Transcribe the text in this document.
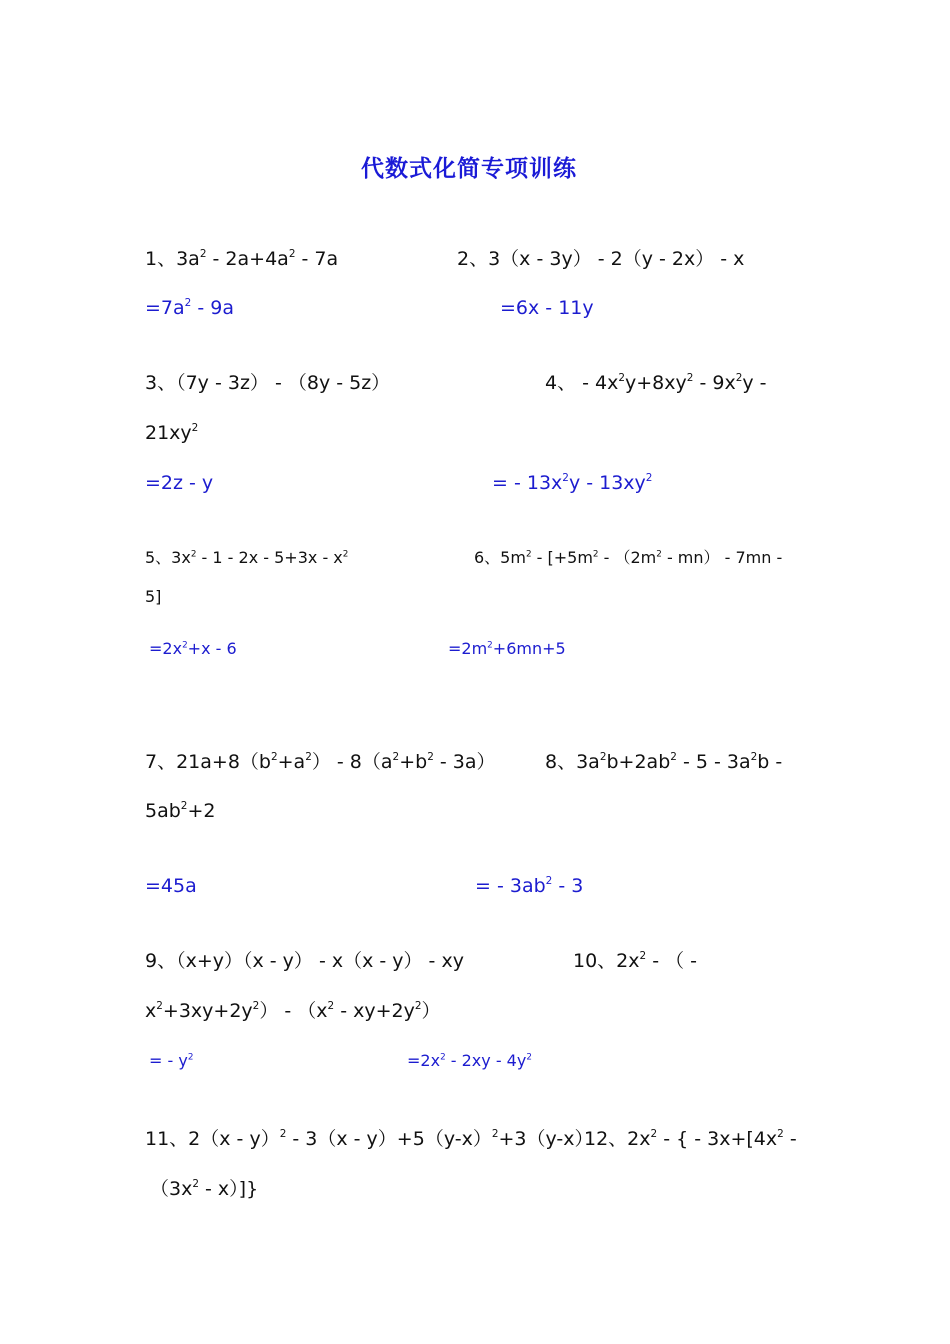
代数式化简专项训练
1、$3a^2 - 2a+4a^2 - 7a$	2、3（x - 3y） - 2（y - 2x） - x
$=7a^2 - 9a$	=6x - 11y
3、（7y - 3z） - （8y - 5z）	4、 - $4x^2y+8xy^2 - 9x^2y$ -
$21xy^2$
=2z - y	= - $13x^2y - 13xy^2$
5、$3x^2 - 1 - 2x - 5+3x - x^2$	6、$5m^2 - [+5m^2 - (2m^2 - mn) - 7mn$ -
5]
$=2x^2+x - 6$	$=2m^2+6mn+5$
7、$21a+8(b^2+a^2) - 8(a^2+b^2 - 3a)$	8、$3a^2b+2ab^2 - 5 - 3a^2b$ -
$5ab^2+2$
=45a	= - $3ab^2 - 3$
9、（x+y）（x - y） - x（x - y） - xy	10、$2x^2$ - （ -
$x^2+3xy+2y^2) - (x^2 - xy+2y^2)$
= - $y^2$	$=2x^2 - 2xy - 4y^2$
11、$2(x - y)^2 - 3(x - y)+5(y-x)^2+3(y-x)$
12、$2x^2$ - { - $3x+[4x^2$ -
$(3x^2 - x)$]}
